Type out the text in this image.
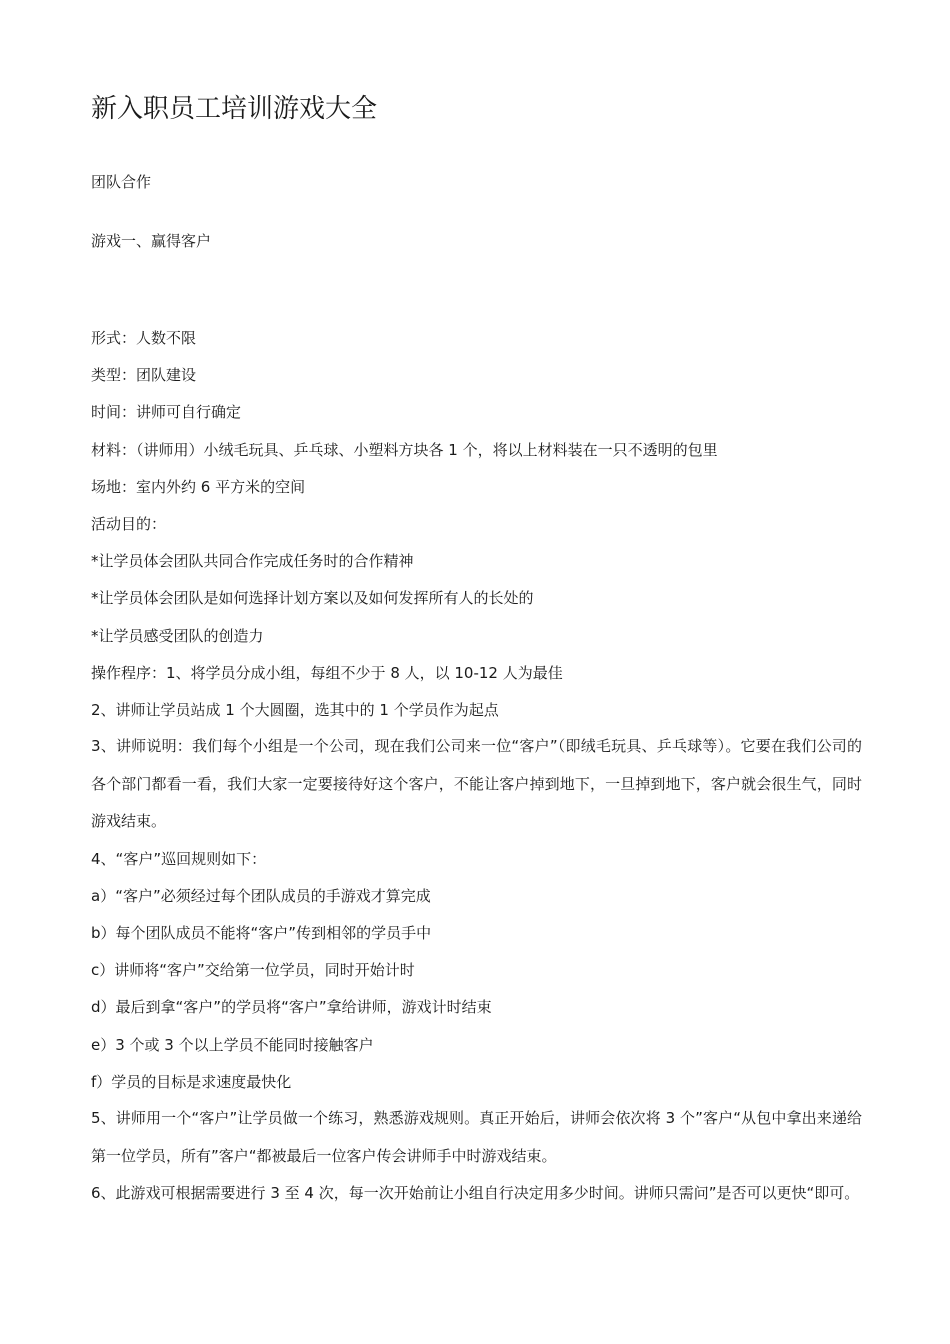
新入职员工培训游戏大全

团队合作

游戏一、赢得客户

形式：人数不限

类型：团队建设

时间：讲师可自行确定

材料：（讲师用）小绒毛玩具、乒乓球、小塑料方块各 1 个，将以上材料装在一只不透明的包里

场地：室内外约 6 平方米的空间

活动目的：

*让学员体会团队共同合作完成任务时的合作精神

*让学员体会团队是如何选择计划方案以及如何发挥所有人的长处的

*让学员感受团队的创造力

操作程序：1、将学员分成小组，每组不少于 8 人，以 10-12 人为最佳

2、讲师让学员站成 1 个大圆圈，选其中的 1 个学员作为起点

3、讲师说明：我们每个小组是一个公司，现在我们公司来一位“客户”（即绒毛玩具、乒乓球等）。它要在我们公司的各个部门都看一看，我们大家一定要接待好这个客户，不能让客户掉到地下，一旦掉到地下，客户就会很生气，同时游戏结束。

4、“客户”巡回规则如下：

a）“客户”必须经过每个团队成员的手游戏才算完成

b）每个团队成员不能将“客户”传到相邻的学员手中

c）讲师将“客户”交给第一位学员，同时开始计时

d）最后到拿“客户”的学员将“客户”拿给讲师，游戏计时结束

e）3 个或 3 个以上学员不能同时接触客户

f）学员的目标是求速度最快化

5、讲师用一个“客户”让学员做一个练习，熟悉游戏规则。真正开始后，讲师会依次将 3 个”客户“从包中拿出来递给第一位学员，所有”客户“都被最后一位客户传会讲师手中时游戏结束。

6、此游戏可根据需要进行 3 至 4 次，每一次开始前让小组自行决定用多少时间。讲师只需问”是否可以更快“即可。
